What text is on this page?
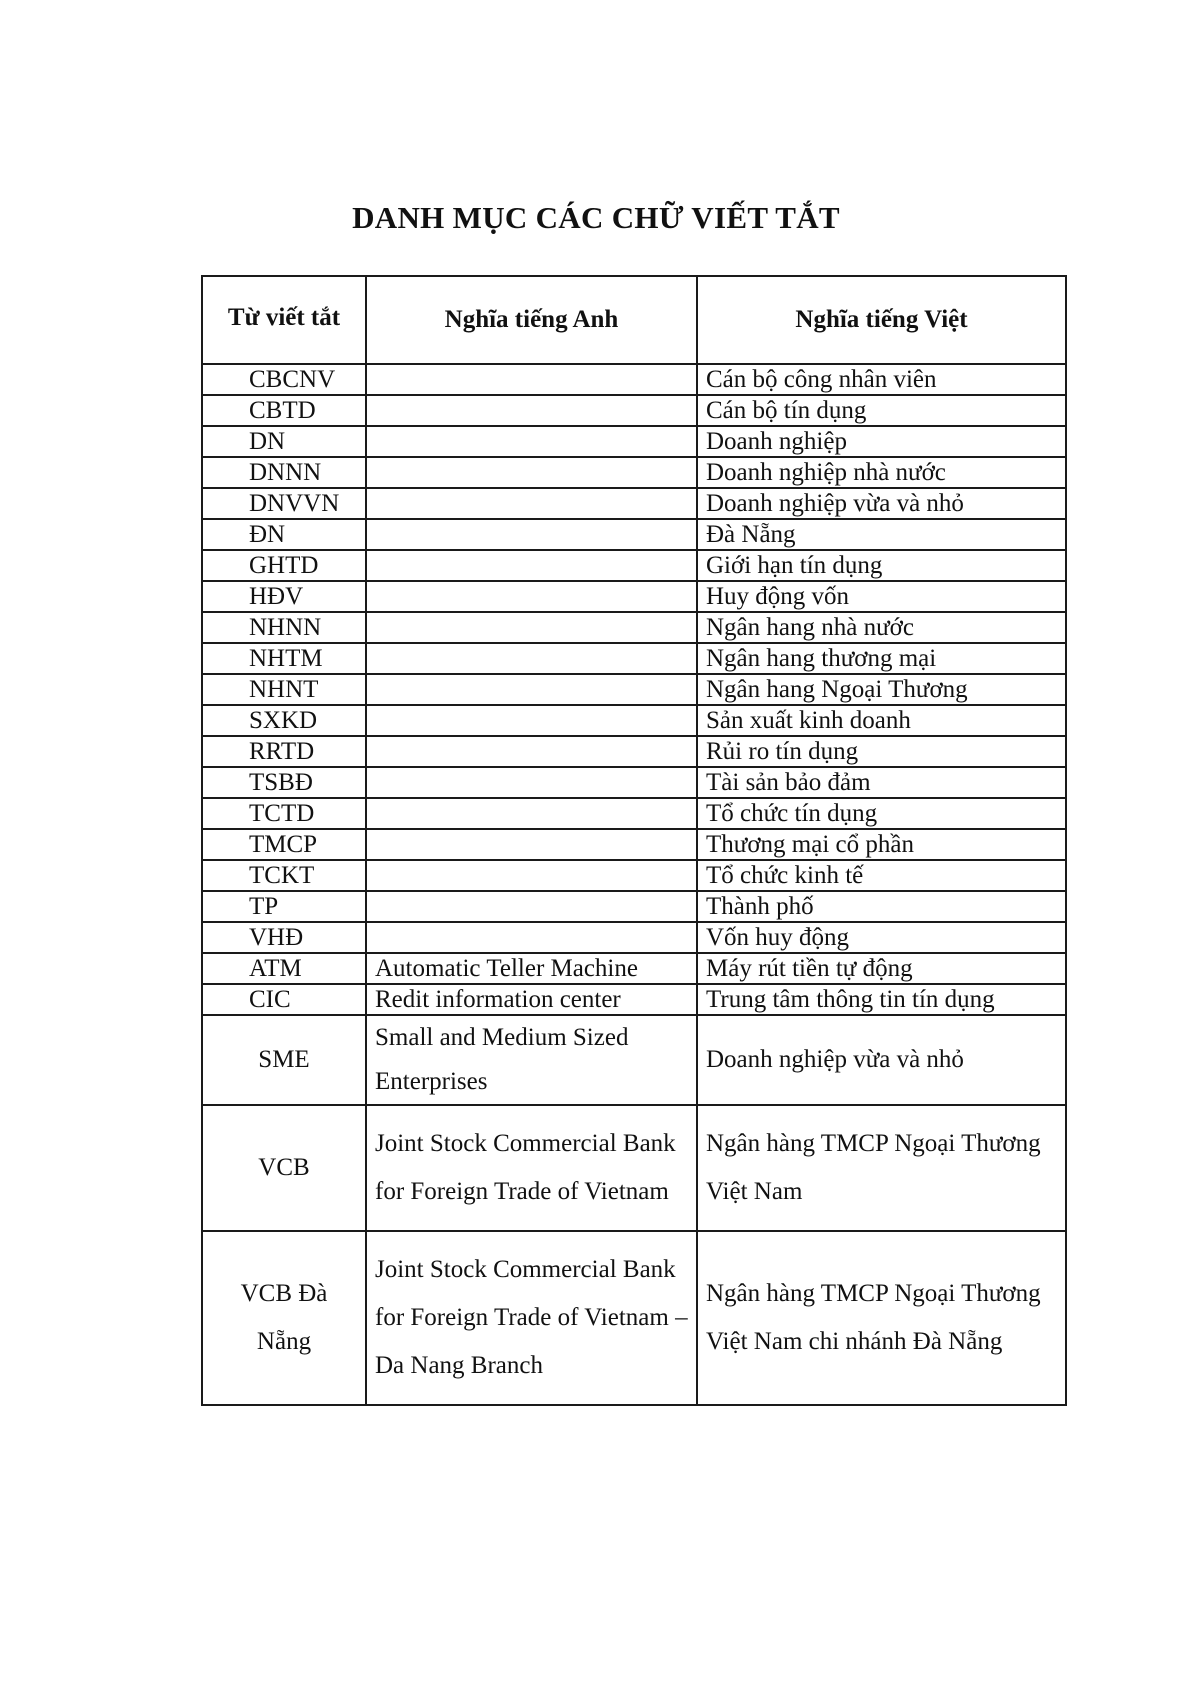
DANH MỤC CÁC CHỮ VIẾT TẮT
Từ viết tắt	Nghĩa tiếng Anh	Nghĩa tiếng Việt
CBCNV		Cán bộ công nhân viên
CBTD		Cán bộ tín dụng
DN		Doanh nghiệp
DNNN		Doanh nghiệp nhà nước
DNVVN		Doanh nghiệp vừa và nhỏ
ĐN		Đà Nẵng
GHTD		Giới hạn tín dụng
HĐV		Huy động vốn
NHNN		Ngân hang nhà nước
NHTM		Ngân hang thương mại
NHNT		Ngân hang Ngoại Thương
SXKD		Sản xuất kinh doanh
RRTD		Rủi ro tín dụng
TSBĐ		Tài sản bảo đảm
TCTD		Tổ chức tín dụng
TMCP		Thương mại cổ phần
TCKT		Tổ chức kinh tế
TP		Thành phố
VHĐ		Vốn huy động
ATM	Automatic Teller Machine	Máy rút tiền tự động
CIC	Redit information center	Trung tâm thông tin tín dụng
SME	Small and Medium Sized Enterprises	Doanh nghiệp vừa và nhỏ
VCB	Joint Stock Commercial Bank for Foreign Trade of Vietnam	Ngân hàng TMCP Ngoại Thương Việt Nam
VCB Đà Nẵng	Joint Stock Commercial Bank for Foreign Trade of Vietnam – Da Nang Branch	Ngân hàng TMCP Ngoại Thương Việt Nam chi nhánh Đà Nẵng
